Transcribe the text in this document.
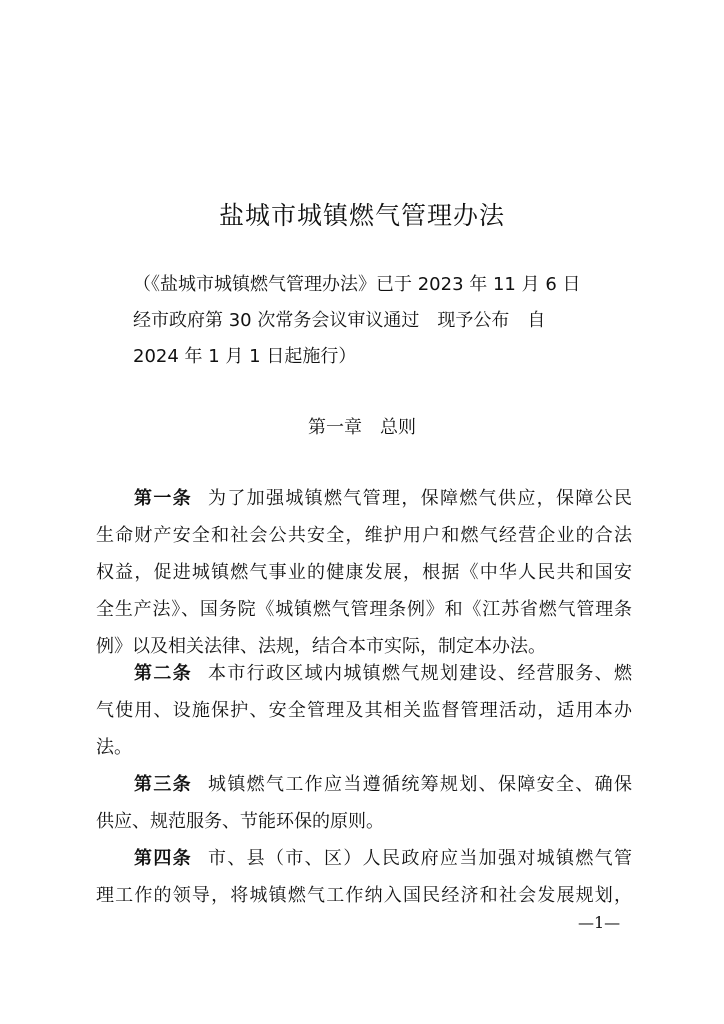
盐城市城镇燃气管理办法
（《盐城市城镇燃气管理办法》已于 2023 年 11 月 6 日
经市政府第 30 次常务会议审议通过　现予公布　自
2024 年 1 月 1 日起施行）
第一章　总则
第一条 为了加强城镇燃气管理，保障燃气供应，保障公民
生命财产安全和社会公共安全，维护用户和燃气经营企业的合法
权益，促进城镇燃气事业的健康发展，根据《中华人民共和国安
全生产法》、国务院《城镇燃气管理条例》和《江苏省燃气管理条
例》以及相关法律、法规，结合本市实际，制定本办法。
第二条 本市行政区域内城镇燃气规划建设、经营服务、燃
气使用、设施保护、安全管理及其相关监督管理活动，适用本办
法。
第三条 城镇燃气工作应当遵循统筹规划、保障安全、确保
供应、规范服务、节能环保的原则。
第四条 市、县（市、区）人民政府应当加强对城镇燃气管
理工作的领导，将城镇燃气工作纳入国民经济和社会发展规划，
—1—
